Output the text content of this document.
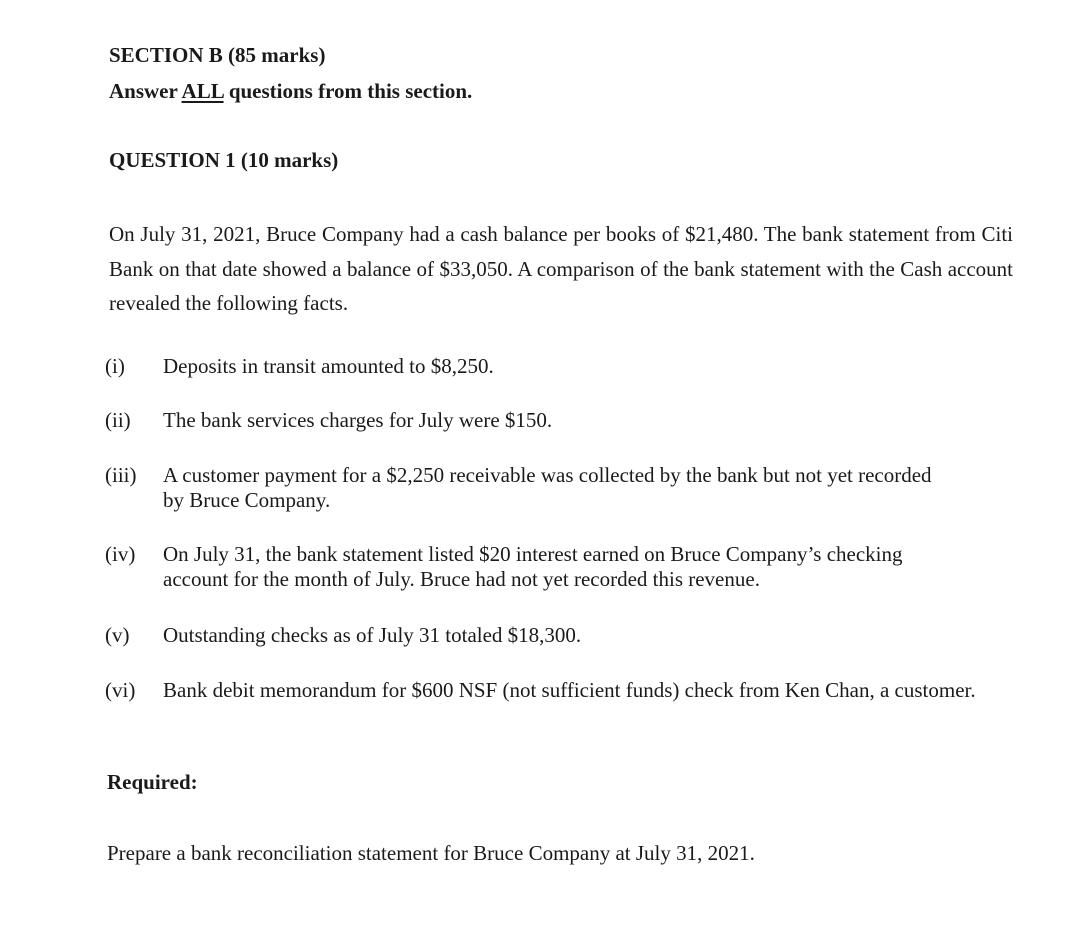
SECTION B (85 marks)

Answer ALL questions from this section.

QUESTION 1 (10 marks)

On July 31, 2021, Bruce Company had a cash balance per books of $21,480. The bank statement from Citi Bank on that date showed a balance of $33,050. A comparison of the bank statement with the Cash account revealed the following facts.

(i)	Deposits in transit amounted to $8,250.
(ii)	The bank services charges for July were $150.
(iii)	A customer payment for a $2,250 receivable was collected by the bank but not yet recorded by Bruce Company.
(iv)	On July 31, the bank statement listed $20 interest earned on Bruce Company’s checking account for the month of July. Bruce had not yet recorded this revenue.
(v)	Outstanding checks as of July 31 totaled $18,300.
(vi)	Bank debit memorandum for $600 NSF (not sufficient funds) check from Ken Chan, a customer.

Required:

Prepare a bank reconciliation statement for Bruce Company at July 31, 2021.
